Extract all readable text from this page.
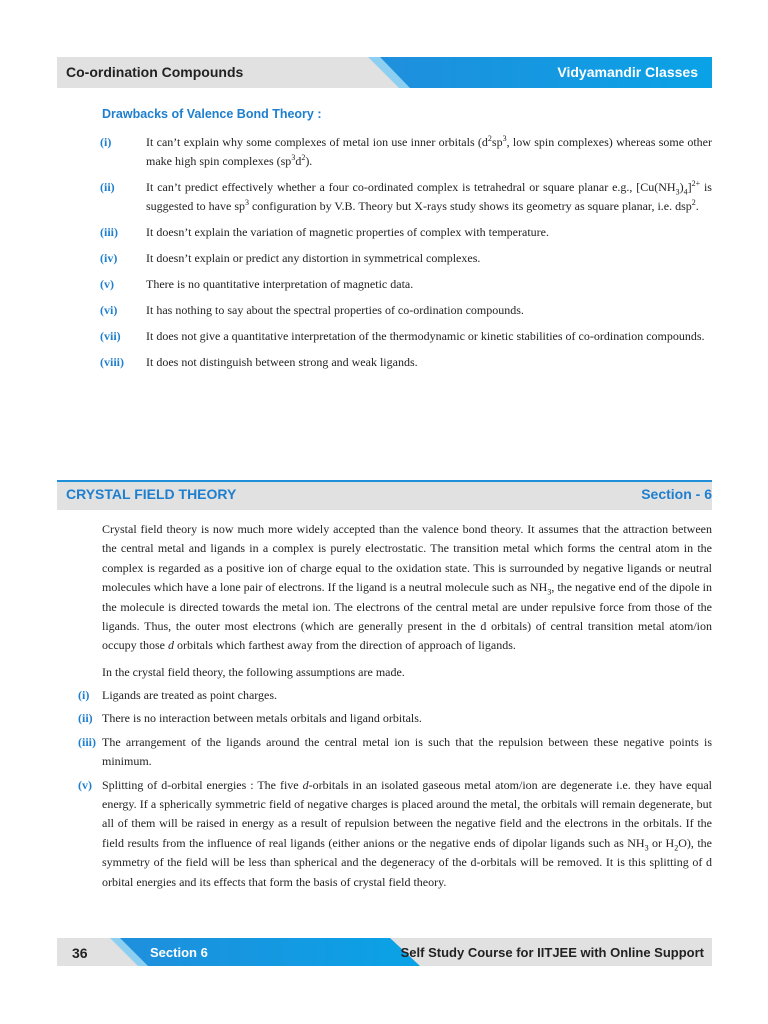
Co-ordination Compounds	Vidyamandir Classes
Drawbacks of Valence Bond Theory :
(i)	It can’t explain why some complexes of metal ion use inner orbitals ($d^2sp^3$, low spin complexes) whereas some other make high spin complexes $(sp^3d^2)$.
(ii)	It can’t predict effectively whether a four co-ordinated complex is tetrahedral or square planar e.g., $[Cu(NH_3)_4]^{2+}$ is suggested to have $sp^3$ configuration by V.B. Theory but X-rays study shows its geometry as square planar, i.e. dsp$^2$.
(iii)	It doesn’t explain the variation of magnetic properties of complex with temperature.
(iv)	It doesn’t explain or predict any distortion in symmetrical complexes.
(v)	There is no quantitative interpretation of magnetic data.
(vi)	It has nothing to say about the spectral properties of co-ordination compounds.
(vii)	It does not give a quantitative interpretation of the thermodynamic or kinetic stabilities of co-ordination compounds.
(viii)	It does not distinguish between strong and weak ligands.
CRYSTAL FIELD THEORY	Section - 6
Crystal field theory is now much more widely accepted than the valence bond theory. It assumes that the attraction between the central metal and ligands in a complex is purely electrostatic. The transition metal which forms the central atom in the complex is regarded as a positive ion of charge equal to the oxidation state. This is surrounded by negative ligands or neutral molecules which have a lone pair of electrons. If the ligand is a neutral molecule such as $NH_3$, the negative end of the dipole in the molecule is directed towards the metal ion. The electrons of the central metal are under repulsive force from those of the ligands. Thus, the outer most electrons (which are generally present in the d orbitals) of central transition metal atom/ion occupy those d orbitals which farthest away from the direction of approach of ligands.
In the crystal field theory, the following assumptions are made.
(i)	Ligands are treated as point charges.
(ii) There is no interaction between metals orbitals and ligand orbitals.
(iii) The arrangement of the ligands around the central metal ion is such that the repulsion between these negative points is minimum.
(v) Splitting of d-orbital energies : The five d-orbitals in an isolated gaseous metal atom/ion are degenerate i.e. they have equal energy. If a spherically symmetric field of negative charges is placed around the metal, the orbitals will remain degenerate, but all of them will be raised in energy as a result of repulsion between the negative field and the electrons in the orbitals. If the field results from the influence of real ligands (either anions or the negative ends of dipolar ligands such as $NH_3$ or $H_2O$), the symmetry of the field will be less than spherical and the degeneracy of the d-orbitals will be removed. It is this splitting of d orbital energies and its effects that form the basis of crystal field theory.
36	Section 6	Self Study Course for IITJEE with Online Support
